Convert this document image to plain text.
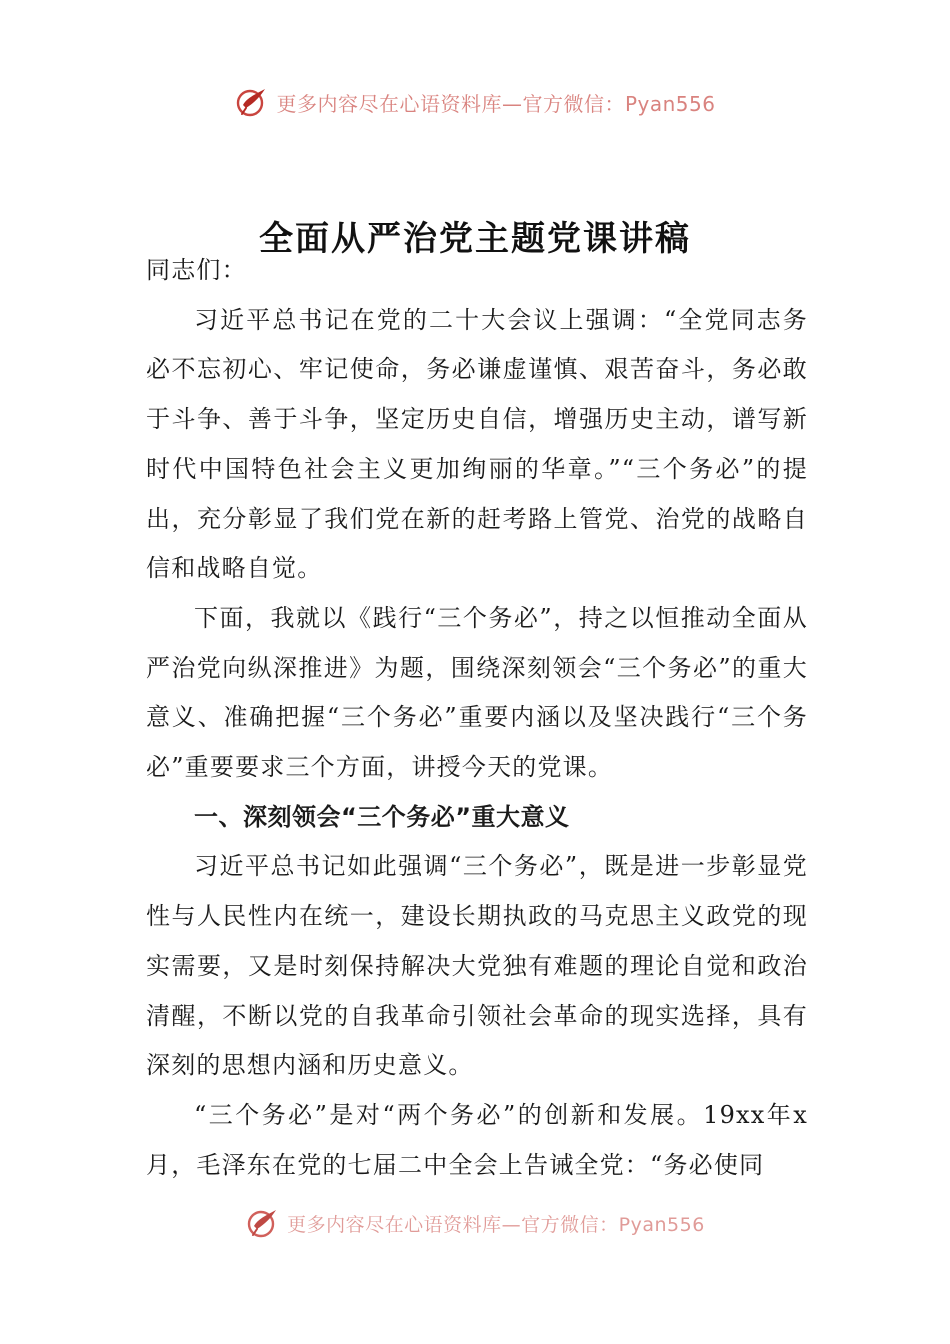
更多内容尽在心语资料库—官方微信：Pyan556
全面从严治党主题党课讲稿

同志们：

习近平总书记在党的二十大会议上强调：“全党同志务必不忘初心、牢记使命，务必谦虚谨慎、艰苦奋斗，务必敢于斗争、善于斗争，坚定历史自信，增强历史主动，谱写新时代中国特色社会主义更加绚丽的华章。”“三个务必”的提出，充分彰显了我们党在新的赶考路上管党、治党的战略自信和战略自觉。

下面，我就以《践行“三个务必”，持之以恒推动全面从严治党向纵深推进》为题，围绕深刻领会“三个务必”的重大意义、准确把握“三个务必”重要内涵以及坚决践行“三个务必”重要要求三个方面，讲授今天的党课。

一、深刻领会“三个务必”重大意义

习近平总书记如此强调“三个务必”，既是进一步彰显党性与人民性内在统一，建设长期执政的马克思主义政党的现实需要，又是时刻保持解决大党独有难题的理论自觉和政治清醒，不断以党的自我革命引领社会革命的现实选择，具有深刻的思想内涵和历史意义。

“三个务必”是对“两个务必”的创新和发展。19xx年x月，毛泽东在党的七届二中全会上告诫全党：“务必使同

更多内容尽在心语资料库—官方微信：Pyan556
